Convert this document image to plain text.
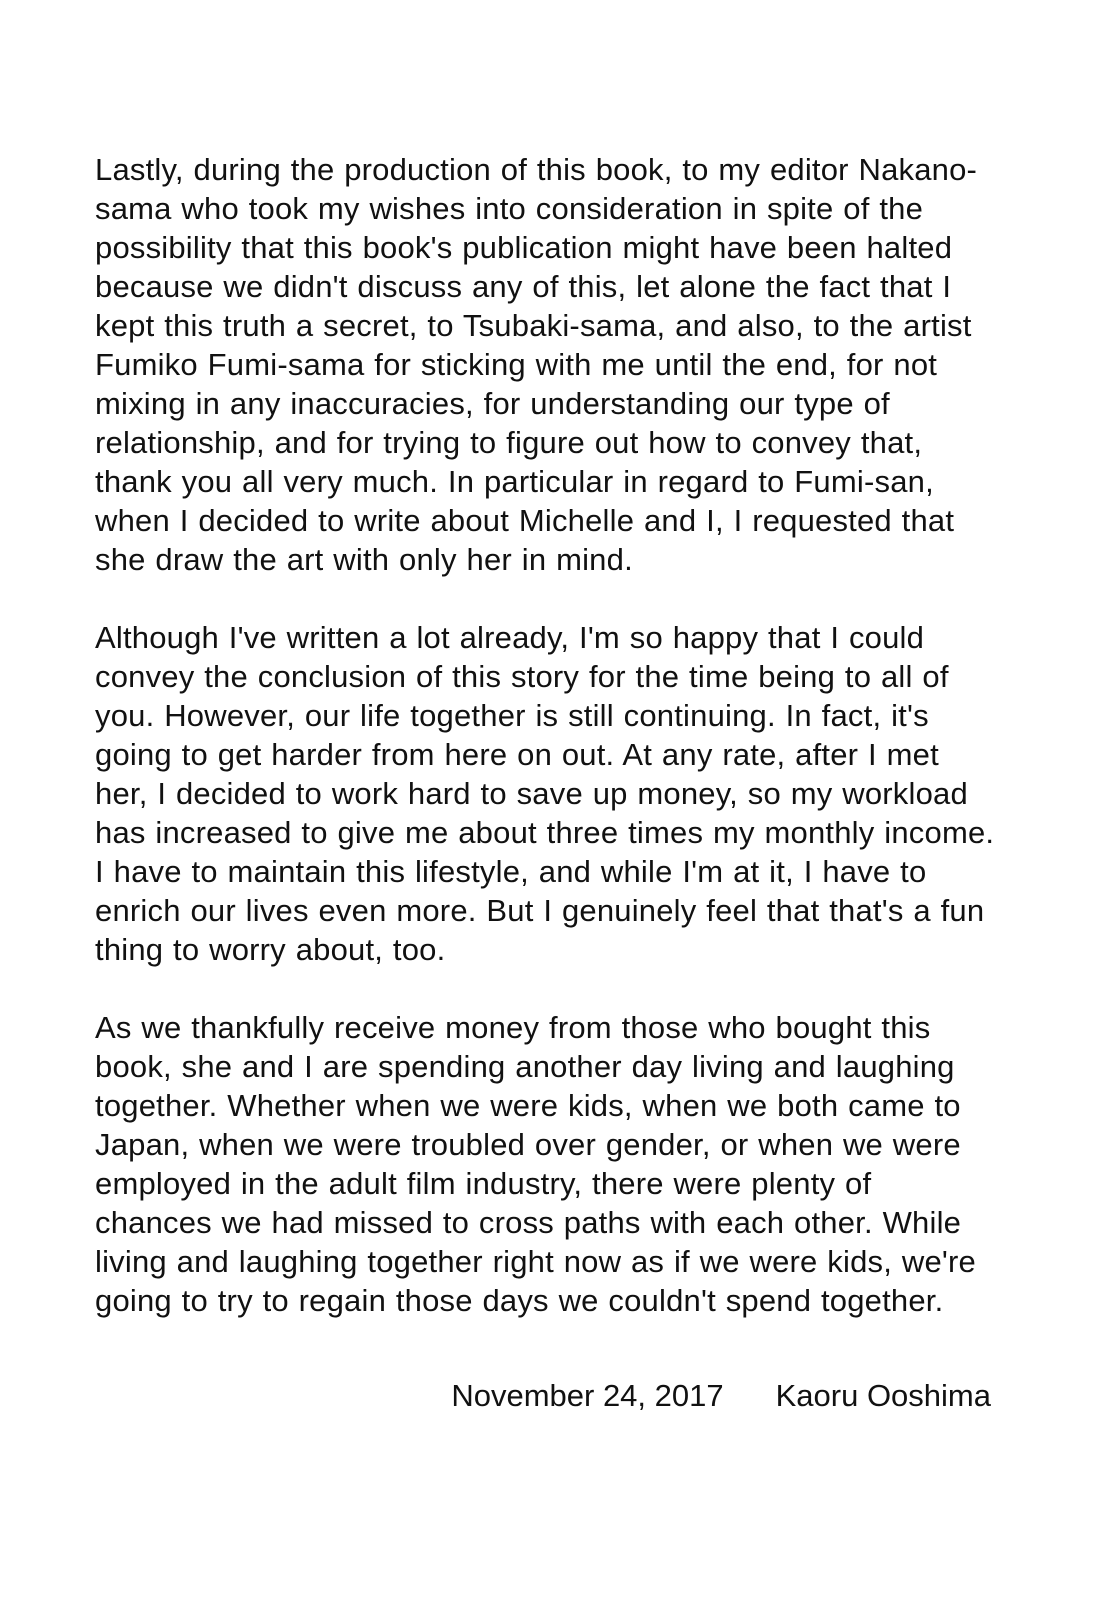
Lastly, during the production of this book, to my editor Nakano-sama who took my wishes into consideration in spite of the possibility that this book's publication might have been halted because we didn't discuss any of this, let alone the fact that I kept this truth a secret, to Tsubaki-sama, and also, to the artist Fumiko Fumi-sama for sticking with me until the end, for not mixing in any inaccuracies, for understanding our type of relationship, and for trying to figure out how to convey that, thank you all very much. In particular in regard to Fumi-san, when I decided to write about Michelle and I, I requested that she draw the art with only her in mind.

Although I've written a lot already, I'm so happy that I could convey the conclusion of this story for the time being to all of you. However, our life together is still continuing. In fact, it's going to get harder from here on out. At any rate, after I met her, I decided to work hard to save up money, so my workload has increased to give me about three times my monthly income. I have to maintain this lifestyle, and while I'm at it, I have to enrich our lives even more. But I genuinely feel that that's a fun thing to worry about, too.

As we thankfully receive money from those who bought this book, she and I are spending another day living and laughing together. Whether when we were kids, when we both came to Japan, when we were troubled over gender, or when we were employed in the adult film industry, there were plenty of chances we had missed to cross paths with each other. While living and laughing together right now as if we were kids, we're going to try to regain those days we couldn't spend together.

November 24, 2017 Kaoru Ooshima
